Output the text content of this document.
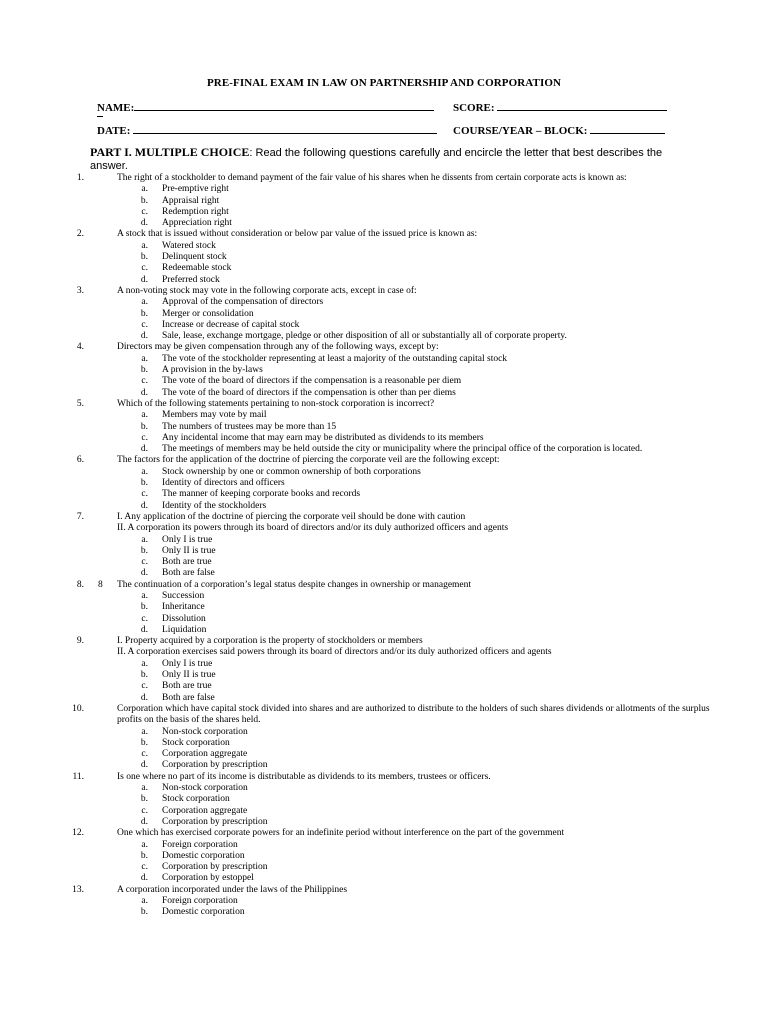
PRE-FINAL EXAM IN LAW ON PARTNERSHIP AND CORPORATION
NAME:	SCORE:
DATE:	COURSE/YEAR – BLOCK:
PART I. MULTIPLE CHOICE: Read the following questions carefully and encircle the letter that best describes the answer.
1.	The right of a stockholder to demand payment of the fair value of his shares when he dissents from certain corporate acts is known as:
a. Pre-emptive right
b. Appraisal right
c. Redemption right
d. Appreciation right
2.	A stock that is issued without consideration or below par value of the issued price is known as:
a. Watered stock
b. Delinquent stock
c. Redeemable stock
d. Preferred stock
3.	A non-voting stock may vote in the following corporate acts, except in case of:
a. Approval of the compensation of directors
b. Merger or consolidation
c. Increase or decrease of capital stock
d. Sale, lease, exchange mortgage, pledge or other disposition of all or substantially all of corporate property.
4.	Directors may be given compensation through any of the following ways, except by:
a. The vote of the stockholder representing at least a majority of the outstanding capital stock
b. A provision in the by-laws
c. The vote of the board of directors if the compensation is a reasonable per diem
d. The vote of the board of directors if the compensation is other than per diems
5.	Which of the following statements pertaining to non-stock corporation is incorrect?
a. Members may vote by mail
b. The numbers of trustees may be more than 15
c. Any incidental income that may earn may be distributed as dividends to its members
d. The meetings of members may be held outside the city or municipality where the principal office of the corporation is located.
6.	The factors for the application of the doctrine of piercing the corporate veil are the following except:
a. Stock ownership by one or common ownership of both corporations
b. Identity of directors and officers
c. The manner of keeping corporate books and records
d. Identity of the stockholders
7.	I. Any application of the doctrine of piercing the corporate veil should be done with caution
II. A corporation its powers through its board of directors and/or its duly authorized officers and agents
a. Only I is true
b. Only II is true
c. Both are true
d. Both are false
8. 8 The continuation of a corporation’s legal status despite changes in ownership or management
a. Succession
b. Inheritance
c. Dissolution
d. Liquidation
9.	I. Property acquired by a corporation is the property of stockholders or members
II. A corporation exercises said powers through its board of directors and/or its duly authorized officers and agents
a. Only I is true
b. Only II is true
c. Both are true
d. Both are false
10.	Corporation which have capital stock divided into shares and are authorized to distribute to the holders of such shares dividends or allotments of the surplus profits on the basis of the shares held.
a. Non-stock corporation
b. Stock corporation
c. Corporation aggregate
d. Corporation by prescription
11.	Is one where no part of its income is distributable as dividends to its members, trustees or officers.
a. Non-stock corporation
b. Stock corporation
c. Corporation aggregate
d. Corporation by prescription
12.	One which has exercised corporate powers for an indefinite period without interference on the part of the government
a. Foreign corporation
b. Domestic corporation
c. Corporation by prescription
d. Corporation by estoppel
13.	A corporation incorporated under the laws of the Philippines
a. Foreign corporation
b. Domestic corporation
